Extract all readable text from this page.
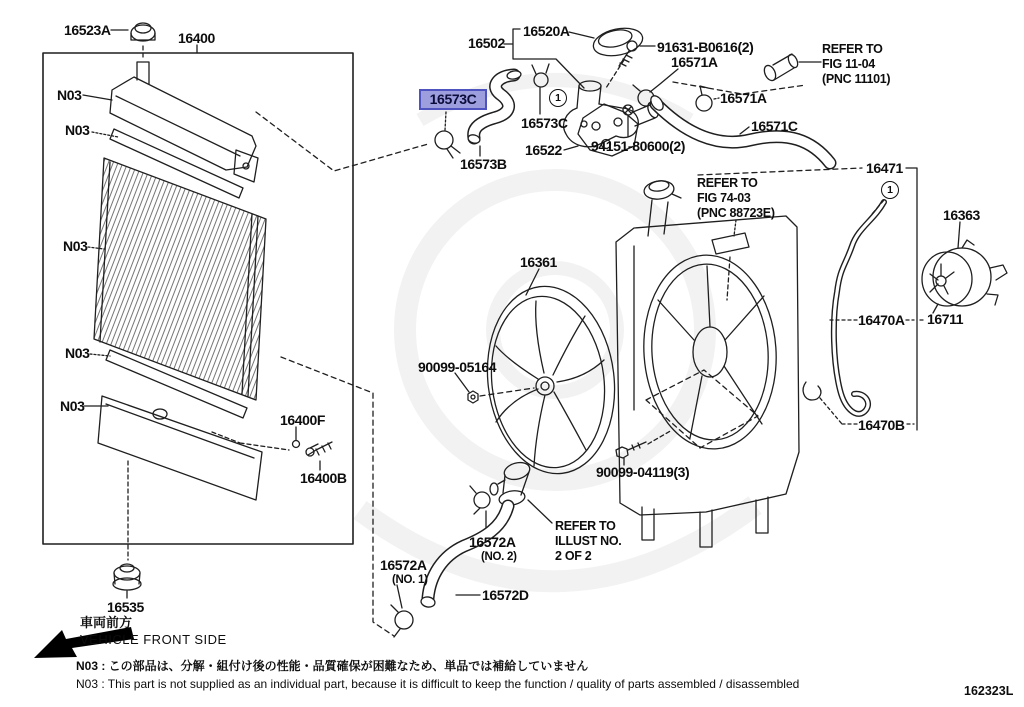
16523A	16400
N03
N03
N03
N03
N03
16502
16520A
91631-B0616(2)
16571A
16571A
16571C
16573C
16573C
16573B
16522 94151-80600(2)
REFER TO
FIG 11-04
(PNC 11101)
1
1
16471
REFER TO
FIG 74-03
(PNC 88723E)	16363
16361
90099-05164
16470A 16711
16470B
90099-04119(3)
REFER TO
ILLUST NO.
2 OF 2
16572A
(NO. 2)
16572A
(NO. 1)
16572D
16400F
16400B
16535
車両前方
VEHICLE FRONT SIDE
N03 : この部品は、分解・組付け後の性能・品質確保が困難なため、単品では補給していません
N03 : This part is not supplied as an individual part, because it is difficult to keep the function / quality of parts assembled / disassembled	162323L
